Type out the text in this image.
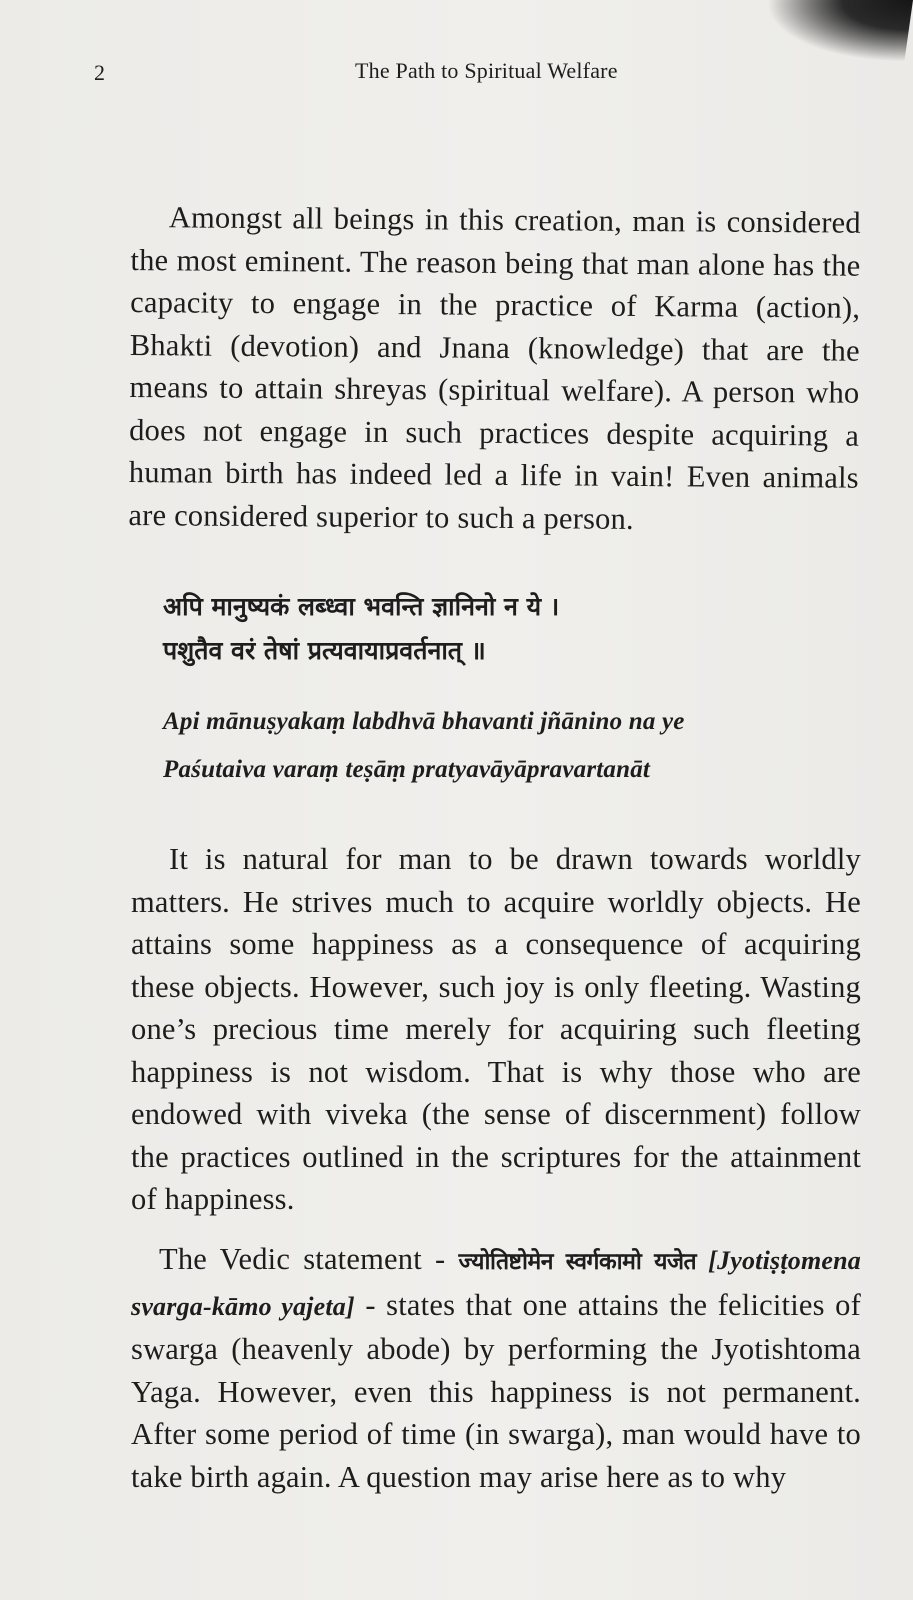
2	The Path to Spiritual Welfare

Amongst all beings in this creation, man is considered the most eminent. The reason being that man alone has the capacity to engage in the practice of Karma (action), Bhakti (devotion) and Jnana (knowledge) that are the means to attain shreyas (spiritual welfare). A person who does not engage in such practices despite acquiring a human birth has indeed led a life in vain! Even animals are considered superior to such a person.

अपि मानुष्यकं लब्ध्वा भवन्ति ज्ञानिनो न ये ।
पशुतैव वरं तेषां प्रत्यवायाप्रवर्तनात् ॥
Api mānuṣyakaṃ labdhvā bhavanti jñānino na ye
Paśutaiva varaṃ teṣāṃ pratyavāyāpravartanāt

It is natural for man to be drawn towards worldly matters. He strives much to acquire worldly objects. He attains some happiness as a consequence of acquiring these objects. However, such joy is only fleeting. Wasting one’s precious time merely for acquiring such fleeting happiness is not wisdom. That is why those who are endowed with viveka (the sense of discernment) follow the practices outlined in the scriptures for the attainment of happiness.

The Vedic statement - ज्योतिष्टोमेन स्वर्गकामो यजेत [Jyotiṣṭomena svarga-kāmo yajeta] - states that one attains the felicities of swarga (heavenly abode) by performing the Jyotishtoma Yaga. However, even this happiness is not permanent. After some period of time (in swarga), man would have to take birth again. A question may arise here as to why
